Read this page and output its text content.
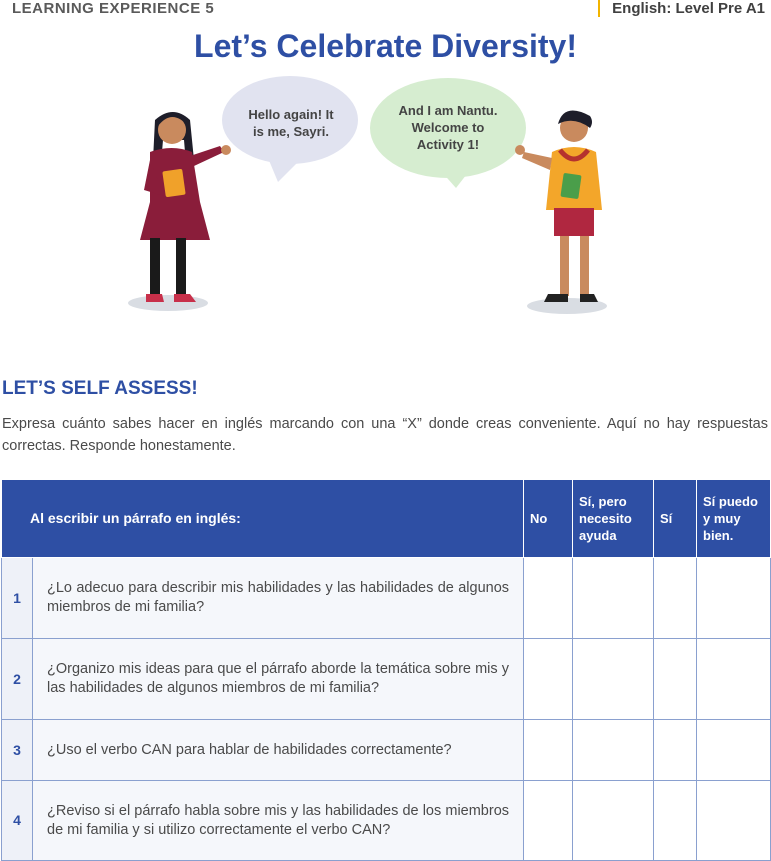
LEARNING EXPERIENCE 5	English: Level Pre A1
Let’s Celebrate Diversity!
Hello again! It
is me, Sayri.
And I am Nantu.
Welcome to
Activity 1!
LET’S SELF ASSESS!
Expresa cuánto sabes hacer en inglés marcando con una “X” donde creas conveniente. Aquí no hay respuestas correctas. Responde honestamente.
Al escribir un párrafo en inglés:		No	Sí, pero necesito ayuda	Sí	Sí puedo y muy bien.
1	¿Lo adecuo para describir mis habilidades y las habilidades de algunos miembros de mi familia?				
2	¿Organizo mis ideas para que el párrafo aborde la temática sobre mis y las habilidades de algunos miembros de mi familia?				
3	¿Uso el verbo CAN para hablar de habilidades correctamente?				
4	¿Reviso si el párrafo habla sobre mis y las habilidades de los miembros de mi familia y si utilizo correctamente el verbo CAN?				
